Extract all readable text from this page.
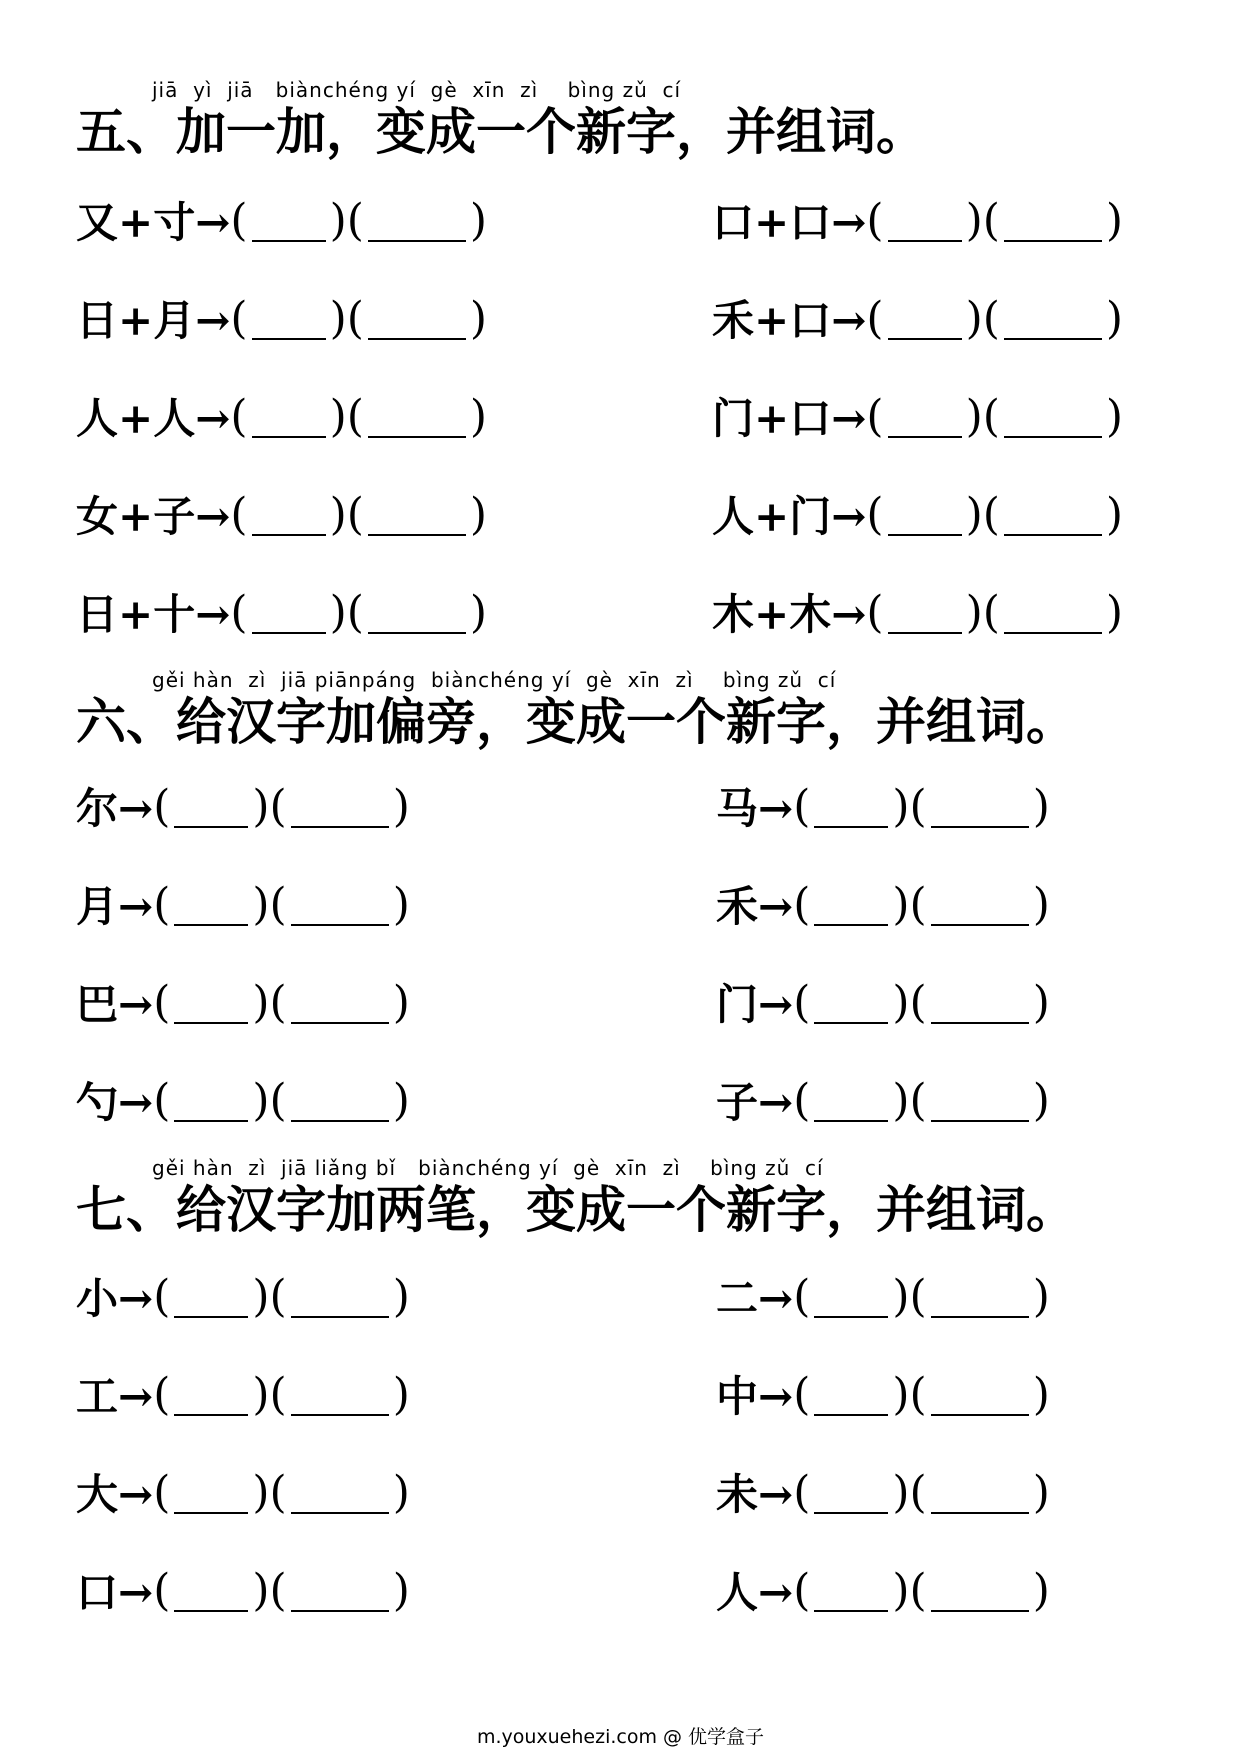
jiā  yì  jiā   biànchéng yí  gè  xīn  zì    bìng zǔ  cí
五、加一加，变成一个新字，并组词。
又+寸→ ( ) ( )	口+口→ ( ) ( )
日+月→ ( ) ( )	禾+口→ ( ) ( )
人+人→ ( ) ( )	门+口→ ( ) ( )
女+子→ ( ) ( )	人+门→ ( ) ( )
日+十→ ( ) ( )	木+木→ ( ) ( )
gěi hàn  zì  jiā piānpáng  biànchéng yí  gè  xīn  zì    bìng zǔ  cí
六、给汉字加偏旁，变成一个新字，并组词。
尔→ ( ) ( )	马→ ( ) ( )
月→ ( ) ( )	禾→ ( ) ( )
巴→ ( ) ( )	门→ ( ) ( )
勺→ ( ) ( )	子→ ( ) ( )
gěi hàn  zì  jiā liǎng bǐ   biànchéng yí  gè  xīn  zì    bìng zǔ  cí
七、给汉字加两笔，变成一个新字，并组词。
小→ ( ) ( )	二→ ( ) ( )
工→ ( ) ( )	中→ ( ) ( )
大→ ( ) ( )	未→ ( ) ( )
口→ ( ) ( )	人→ ( ) ( )
m.youxuehezi.com @ 优学盒子
